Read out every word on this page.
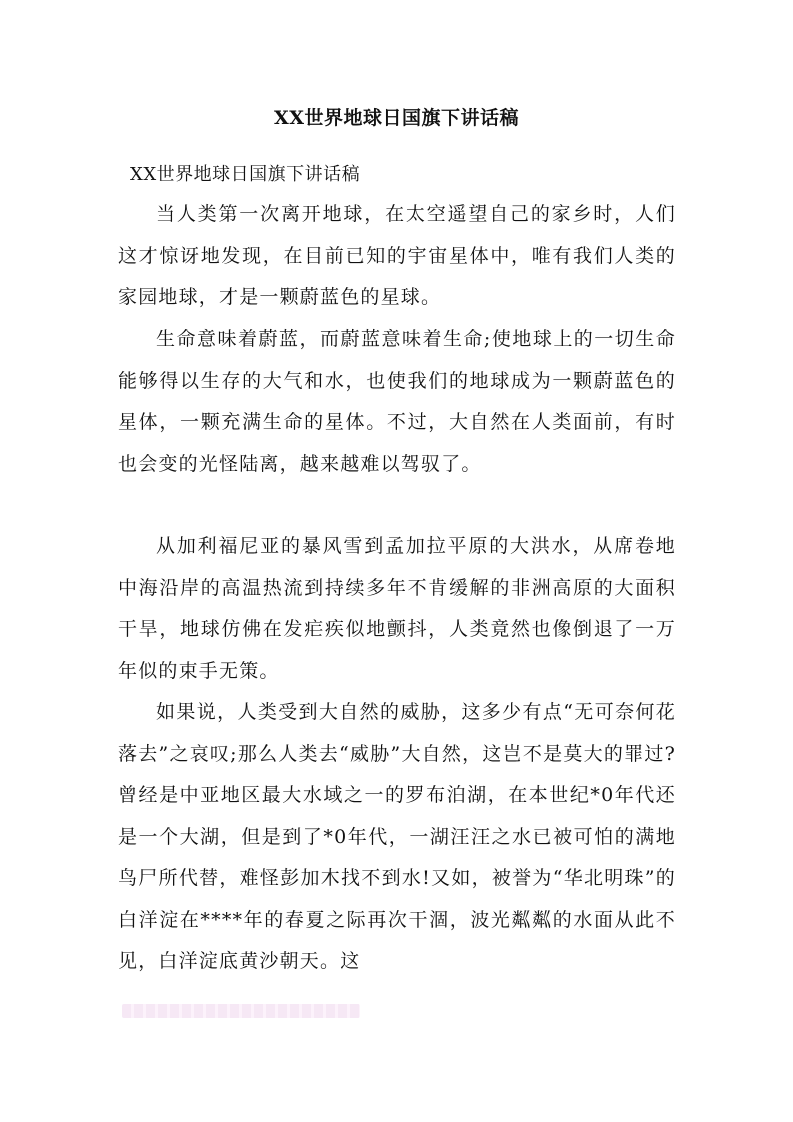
XX世界地球日国旗下讲话稿
XX世界地球日国旗下讲话稿

当人类第一次离开地球，在太空遥望自己的家乡时，人们这才惊讶地发现，在目前已知的宇宙星体中，唯有我们人类的家园地球，才是一颗蔚蓝色的星球。

生命意味着蔚蓝，而蔚蓝意味着生命;使地球上的一切生命能够得以生存的大气和水，也使我们的地球成为一颗蔚蓝色的星体，一颗充满生命的星体。不过，大自然在人类面前，有时也会变的光怪陆离，越来越难以驾驭了。

从加利福尼亚的暴风雪到孟加拉平原的大洪水，从席卷地中海沿岸的高温热流到持续多年不肯缓解的非洲高原的大面积干旱，地球仿佛在发疟疾似地颤抖，人类竟然也像倒退了一万年似的束手无策。

如果说，人类受到大自然的威胁，这多少有点“无可奈何花落去”之哀叹;那么人类去“威胁”大自然，这岂不是莫大的罪过?曾经是中亚地区最大水域之一的罗布泊湖，在本世纪*0年代还是一个大湖，但是到了*0年代，一湖汪汪之水已被可怕的满地鸟尸所代替，难怪彭加木找不到水!又如，被誉为“华北明珠”的白洋淀在****年的春夏之际再次干涸，波光粼粼的水面从此不见，白洋淀底黄沙朝天。这
